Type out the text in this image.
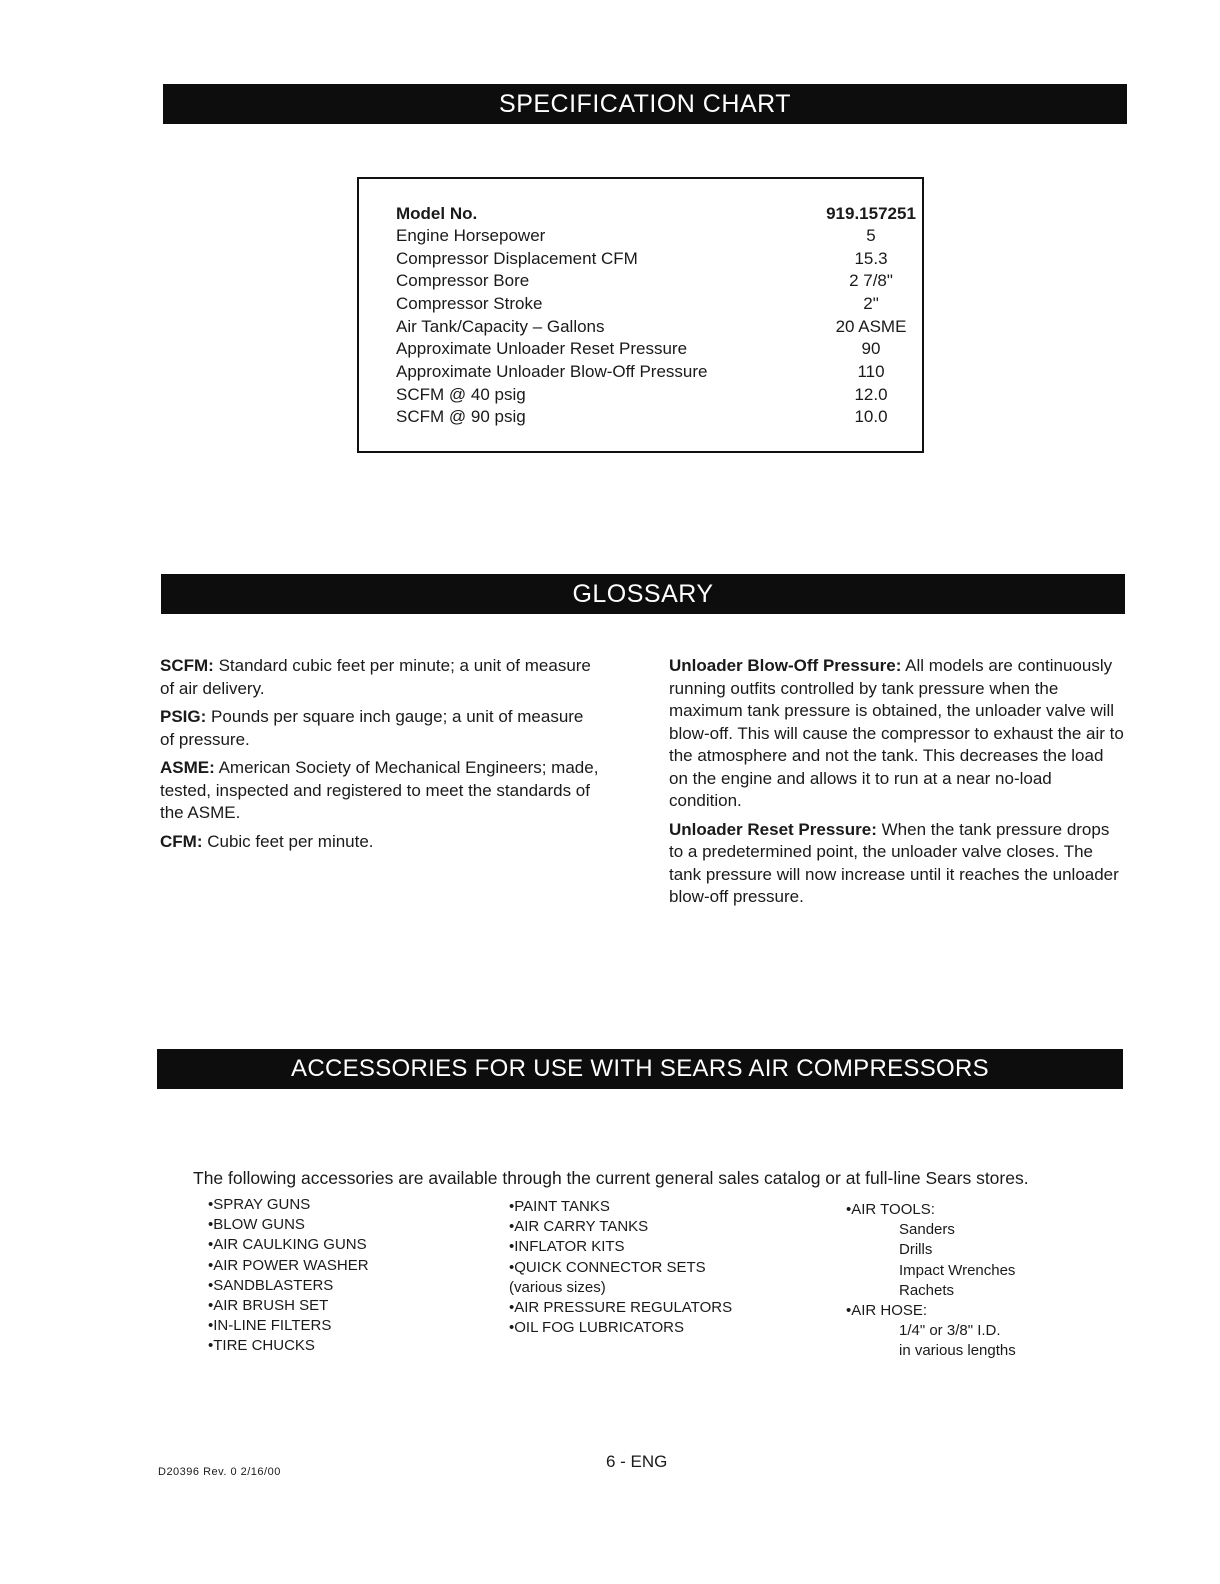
SPECIFICATION CHART
Model No.	919.157251
Engine Horsepower	5
Compressor Displacement CFM	15.3
Compressor Bore	2 7/8"
Compressor Stroke	2"
Air Tank/Capacity – Gallons	20 ASME
Approximate Unloader Reset Pressure	90
Approximate Unloader Blow-Off Pressure	110
SCFM @ 40 psig	12.0
SCFM @ 90 psig	10.0
GLOSSARY

SCFM: Standard cubic feet per minute; a unit of measure of air delivery.

PSIG: Pounds per square inch gauge; a unit of measure of pressure.

ASME: American Society of Mechanical Engineers; made, tested, inspected and registered to meet the standards of the ASME.

CFM: Cubic feet per minute.

Unloader Blow-Off Pressure: All models are continuously running outfits controlled by tank pressure when the maximum tank pressure is obtained, the unloader valve will blow-off. This will cause the compressor to exhaust the air to the atmosphere and not the tank. This decreases the load on the engine and allows it to run at a near no-load condition.

Unloader Reset Pressure: When the tank pressure drops to a predetermined point, the unloader valve closes. The tank pressure will now increase until it reaches the unloader blow-off pressure.

ACCESSORIES FOR USE WITH SEARS AIR COMPRESSORS
The following accessories are available through the current general sales catalog or at full-line Sears stores.
•SPRAY GUNS
•BLOW GUNS
•AIR CAULKING GUNS
•AIR POWER WASHER
•SANDBLASTERS
•AIR BRUSH SET
•IN-LINE FILTERS
•TIRE CHUCKS
•PAINT TANKS
•AIR CARRY TANKS
•INFLATOR KITS
•QUICK CONNECTOR SETS
(various sizes)
•AIR PRESSURE REGULATORS
•OIL FOG LUBRICATORS
•AIR TOOLS:
Sanders
Drills
Impact Wrenches
Rachets
•AIR HOSE:
1/4" or 3/8" I.D.
in various lengths
D20396 Rev. 0 2/16/00
6 - ENG
